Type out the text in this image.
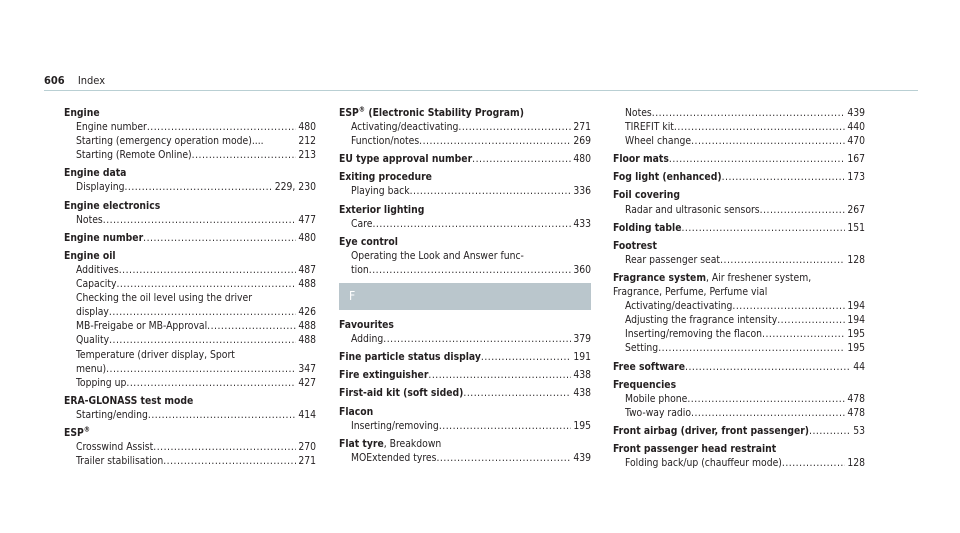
606 Index
Engine
Engine number .....	480
Starting (emergency operation mode)....	212
Starting (Remote Online) .....	213
Engine data
Displaying .....	229, 230
Engine electronics
Notes .....	477
Engine number .....	480
Engine oil
Additives .....	487
Capacity .....	488
Checking the oil level using the driver
display .....	426
MB-Freigabe or MB-Approval .....	488
Quality .....	488
Temperature (driver display, Sport
menu) .....	347
Topping up .....	427
ERA-GLONASS test mode
Starting/ending .....	414
ESP®
Crosswind Assist .....	270
Trailer stabilisation .....	271
ESP® (Electronic Stability Program)
Activating/deactivating .....	271
Function/notes .....	269
EU type approval number .....	480
Exiting procedure
Playing back .....	336
Exterior lighting
Care .....	433
Eye control
Operating the Look and Answer func-
tion .....	360
F
Favourites
Adding .....	379
Fine particle status display .....	191
Fire extinguisher .....	438
First-aid kit (soft sided) .....	438
Flacon
Inserting/removing .....	195
Flat tyre, Breakdown
MOExtended tyres .....	439
Notes .....	439
TIREFIT kit .....	440
Wheel change .....	470
Floor mats .....	167
Fog light (enhanced) .....	173
Foil covering
Radar and ultrasonic sensors .....	267
Folding table .....	151
Footrest
Rear passenger seat .....	128
Fragrance system, Air freshener system,
Fragrance, Perfume, Perfume vial
Activating/deactivating .....	194
Adjusting the fragrance intensity .....	194
Inserting/removing the flacon .....	195
Setting .....	195
Free software .....	44
Frequencies
Mobile phone .....	478
Two-way radio .....	478
Front airbag (driver, front passenger) .....	53
Front passenger head restraint
Folding back/up (chauffeur mode) .....	128
